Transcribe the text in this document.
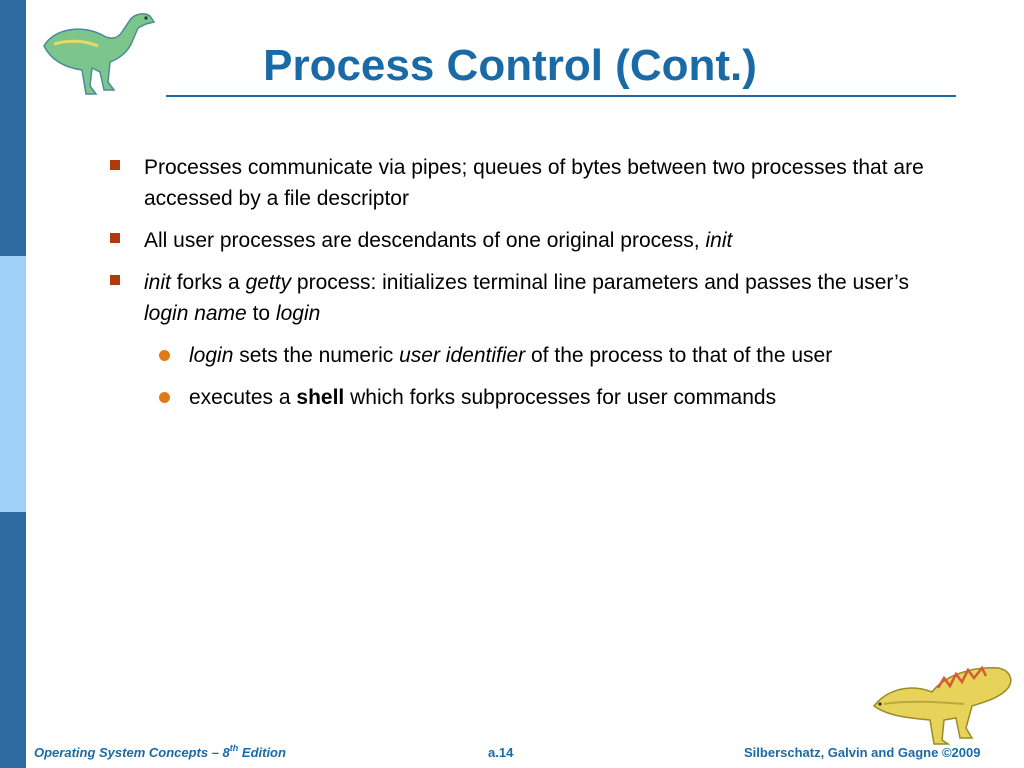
Process Control (Cont.)
Processes communicate via pipes; queues of bytes between two processes that are accessed by a file descriptor
All user processes are descendants of one original process, init
init forks a getty process: initializes terminal line parameters and passes the user’s login name to login
login sets the numeric user identifier of the process to that of the user
executes a shell which forks subprocesses for user commands
Operating System Concepts – 8th Edition	a.14	Silberschatz, Galvin and Gagne ©2009
